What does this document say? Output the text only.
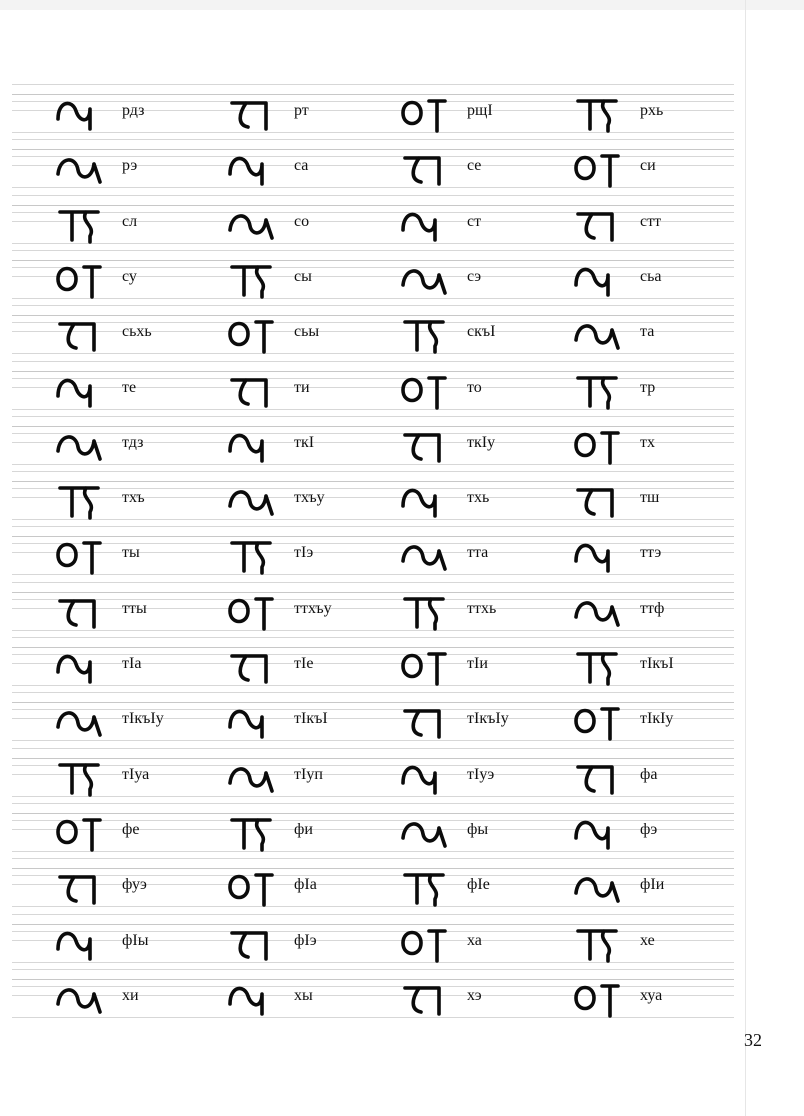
рдз	рт	рщI	рхь
рэ	са	се	си
сл	со	ст	стт
су	сы	сэ	сьа
сьхь	сьы	скъI	та
те	ти	то	тр
тдз	ткI	ткIу	тх
тхъ	тхъу	тхь	тш
ты	тIэ	тта	ттэ
тты	ттхъу	ттхь	ттф
тIа	тIе	тIи	тIкъI
тIкъIу	тIкъI	тIкъIу	тIкIу
тIуа	тIуп	тIуэ	фа
фе	фи	фы	фэ
фуэ	фIа	фIе	фIи
фIы	фIэ	ха	хе
хи	хы	хэ	хуа
32
